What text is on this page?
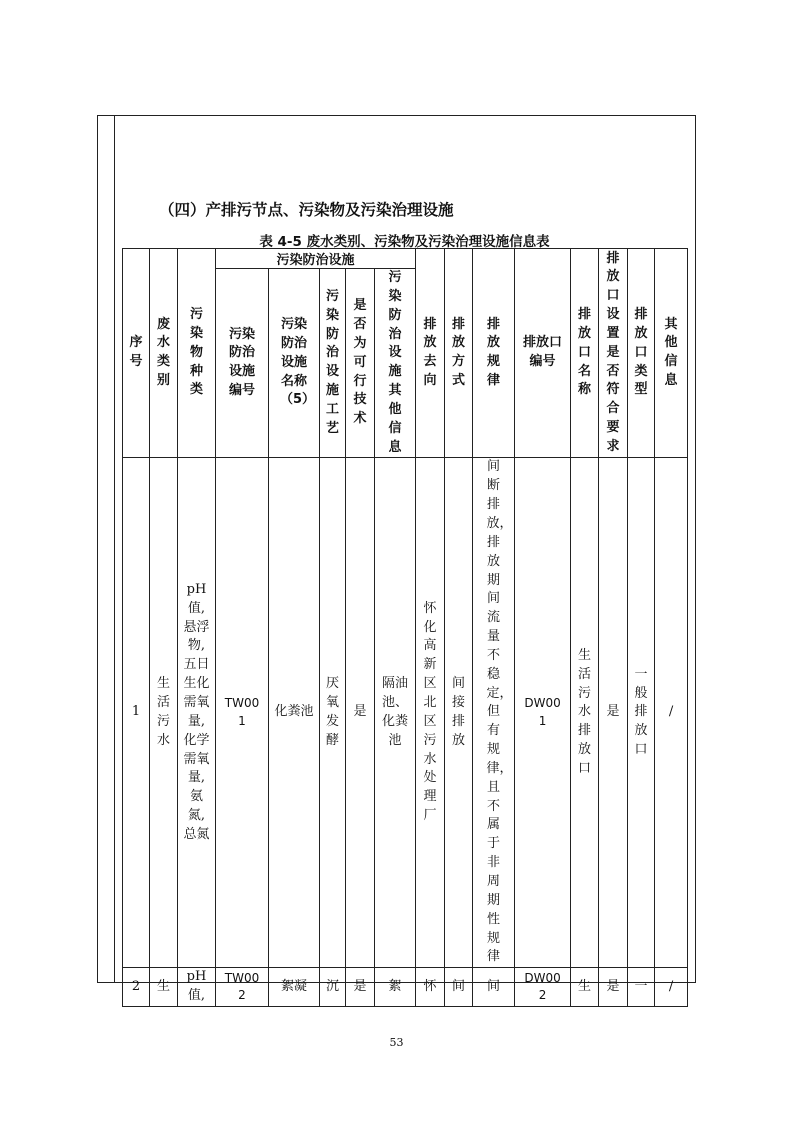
（四）产排污节点、污染物及污染治理设施
表 4-5 废水类别、污染物及污染治理设施信息表
序号	废水类别	污染物种类	污染防治设施					排放去向	排放方式	排放规律	排放口编号	排放口名称	排放口设置是否符合要求	排放口类型	其他信息
			污染防治设施编号	污染防治设施名称（5）	污染防治设施工艺	是否为可行技术	污染防治设施其他信息								
1	生活污水	pH值,悬浮物,五日生化需氧量,化学需氧量,氨氮,总氮	TW001	化粪池	厌氧发酵	是	隔油池、化粪池	怀化高新区北区污水处理厂	间接排放	间断排放，排放期间流量不稳定，但有规律，且不属于非周期性规律	DW001	生活污水排放口	是	一般排放口	/
2	生	pH值,	TW002	絮凝	沉	是	絮	怀	间	间	DW002	生	是	一	/
53
